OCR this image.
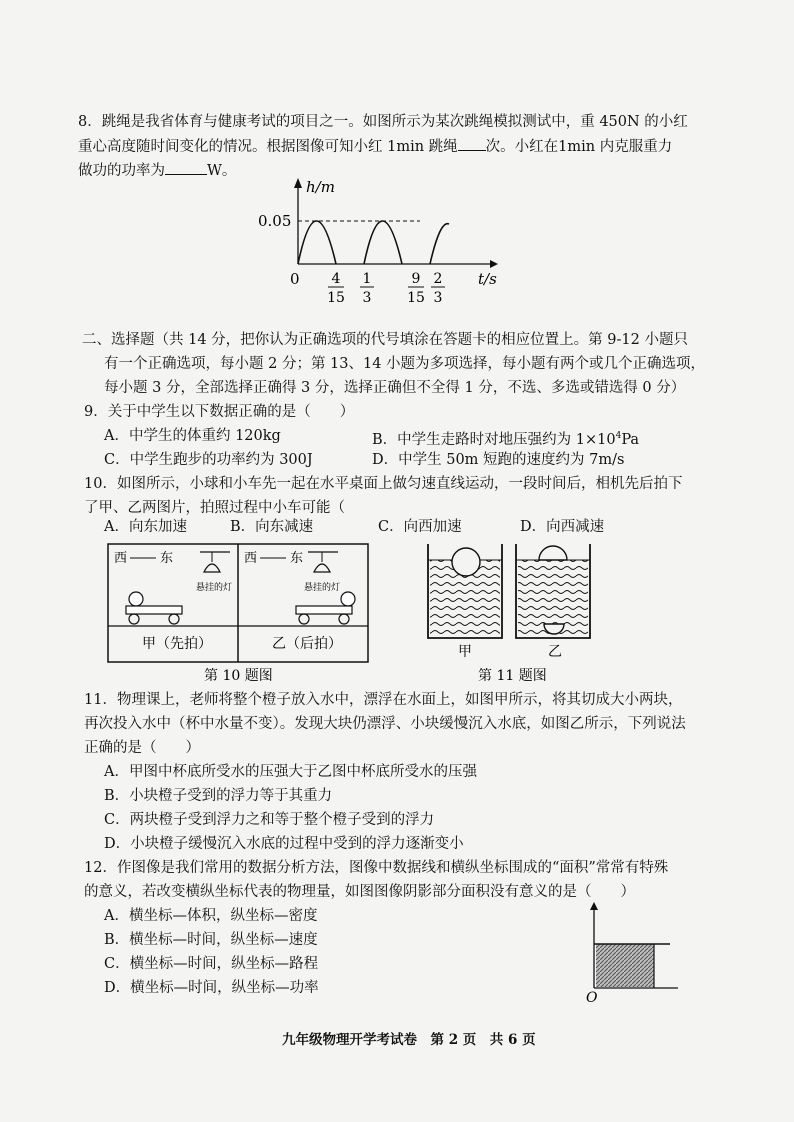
8．跳绳是我省体育与健康考试的项目之一。如图所示为某次跳绳模拟测试中，重 450N 的小红
重心高度随时间变化的情况。根据图像可知小红 1min 跳绳 次。小红在1min 内克服重力
做功的功率为	W。
h/m
t/s
0.05
0 4
15
1
3
9
15
2
3
二、选择题（共 14 分，把你认为正确选项的代号填涂在答题卡的相应位置上。第 9-12 小题只
有一个正确选项，每小题 2 分；第 13、14 小题为多项选择，每小题有两个或几个正确选项，
每小题 3 分，全部选择正确得 3 分，选择正确但不全得 1 分，不选、多选或错选得 0 分）
9．关于中学生以下数据正确的是（　　）
A．中学生的体重约 120kg	B．中学生走路时对地压强约为 $1\times 10^4Pa$
C．中学生跑步的功率约为 300J	D．中学生 50m 短跑的速度约为 7m/s
10．如图所示，小球和小车先一起在水平桌面上做匀速直线运动，一段时间后，相机先后拍下
了甲、乙两图片，拍照过程中小车可能（
A．向东加速	B．向东减速	C．向西加速	D．向西减速
西	东
悬挂的灯
甲（先拍）
西	东
悬挂的灯
乙（后拍）
第 10 题图
甲	乙
第 11 题图
11．物理课上，老师将整个橙子放入水中，漂浮在水面上，如图甲所示，将其切成大小两块，
再次投入水中（杯中水量不变）。发现大块仍漂浮、小块缓慢沉入水底，如图乙所示，下列说法
正确的是（　　）
A．甲图中杯底所受水的压强大于乙图中杯底所受水的压强
B．小块橙子受到的浮力等于其重力
C．两块橙子受到浮力之和等于整个橙子受到的浮力
D．小块橙子缓慢沉入水底的过程中受到的浮力逐渐变小
12．作图像是我们常用的数据分析方法，图像中数据线和横纵坐标围成的“面积”常常有特殊
的意义，若改变横纵坐标代表的物理量，如图图像阴影部分面积没有意义的是（　　）
A．横坐标—体积，纵坐标—密度
B．横坐标—时间，纵坐标—速度
C．横坐标—时间，纵坐标—路程
D．横坐标—时间，纵坐标—功率
O
九年级物理开学考试卷　第 2 页　共 6 页
